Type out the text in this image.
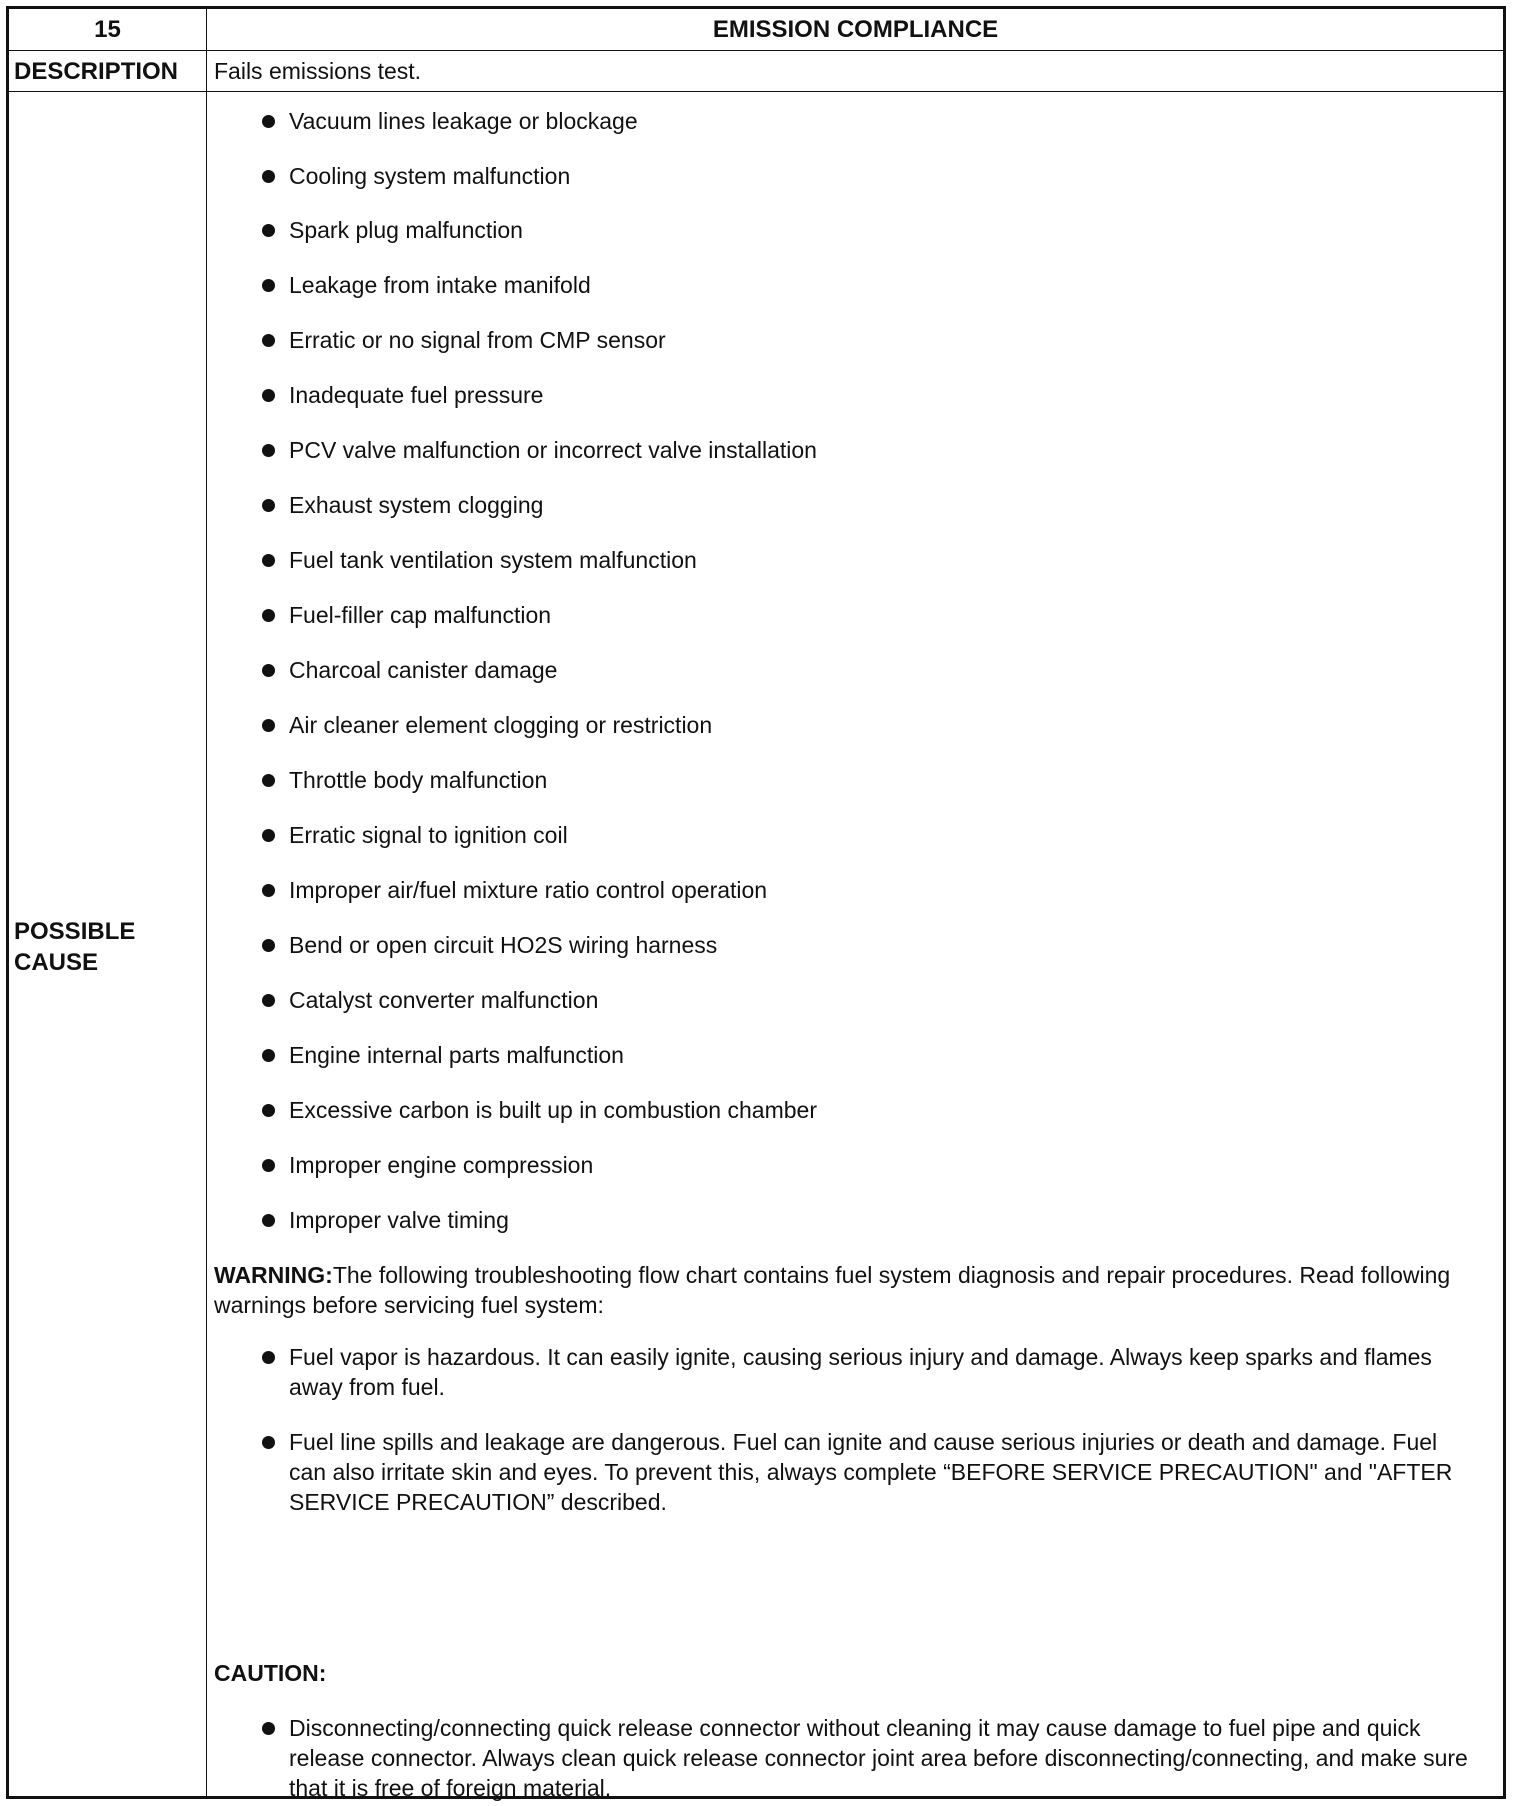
15	EMISSION COMPLIANCE
DESCRIPTION Fails emissions test.
POSSIBLE
CAUSE
Vacuum lines leakage or blockage
Cooling system malfunction
Spark plug malfunction
Leakage from intake manifold
Erratic or no signal from CMP sensor
Inadequate fuel pressure
PCV valve malfunction or incorrect valve installation
Exhaust system clogging
Fuel tank ventilation system malfunction
Fuel-filler cap malfunction
Charcoal canister damage
Air cleaner element clogging or restriction
Throttle body malfunction
Erratic signal to ignition coil
Improper air/fuel mixture ratio control operation
Bend or open circuit HO2S wiring harness
Catalyst converter malfunction
Engine internal parts malfunction
Excessive carbon is built up in combustion chamber
Improper engine compression
Improper valve timing
WARNING:The following troubleshooting flow chart contains fuel system diagnosis and repair procedures. Read following warnings before servicing fuel system:
Fuel vapor is hazardous. It can easily ignite, causing serious injury and damage. Always keep sparks and flames away from fuel.
Fuel line spills and leakage are dangerous. Fuel can ignite and cause serious injuries or death and damage. Fuel can also irritate skin and eyes. To prevent this, always complete “BEFORE SERVICE PRECAUTION" and "AFTER SERVICE PRECAUTION” described.
CAUTION:
Disconnecting/connecting quick release connector without cleaning it may cause damage to fuel pipe and quick release connector. Always clean quick release connector joint area before disconnecting/connecting, and make sure that it is free of foreign material.
